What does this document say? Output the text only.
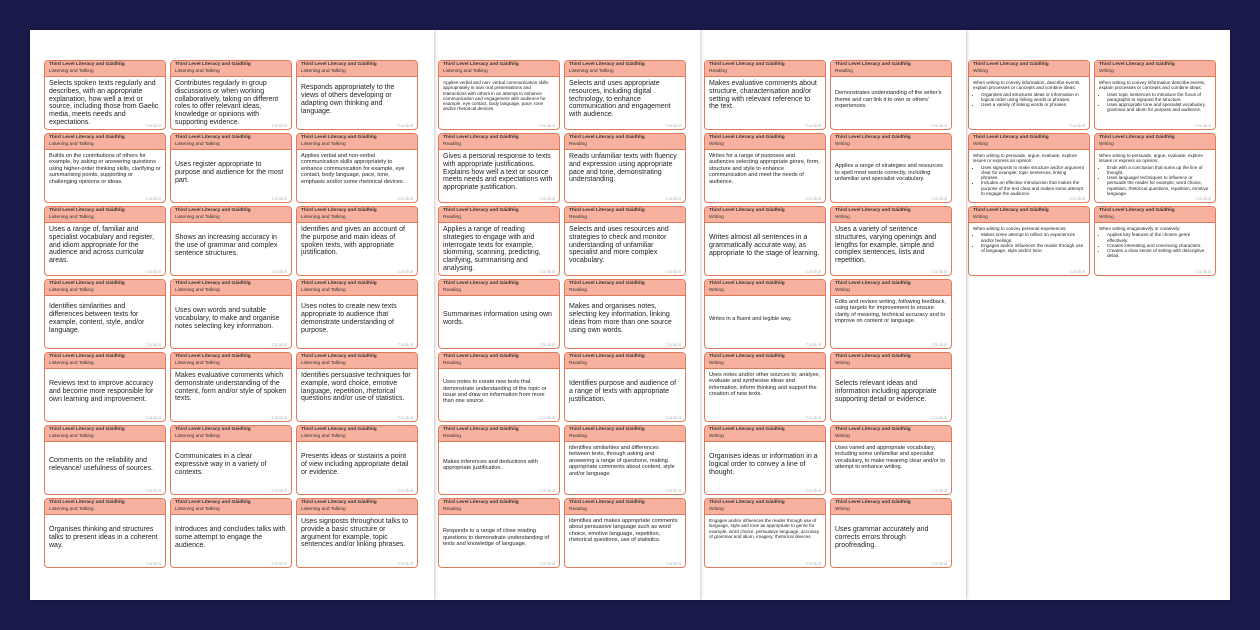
Third Level Literacy and Gàidhlig
Listening and Talking
Selects spoken texts regularly and describes, with an appropriate explanation, how well a text or source, including those from Gaelic media, meets needs and expectations.	Conduit
Third Level Literacy and Gàidhlig
Listening and Talking
Contributes regularly in group discussions or when working collaboratively, taking on different roles to offer relevant ideas, knowledge or opinions with supporting evidence.	Conduit
Third Level Literacy and Gàidhlig
Listening and Talking
Responds appropriately to the views of others developing or adapting own thinking and language.
Conduit
Third Level Literacy and Gàidhlig
Listening and Talking
Builds on the contributions of others for example, by asking or answering questions using higher-order thinking skills, clarifying or summarising points, supporting or challenging opinions or ideas.
Conduit
Third Level Literacy and Gàidhlig
Listening and Talking
Uses register appropriate to purpose and audience for the most part.
Conduit
Third Level Literacy and Gàidhlig
Listening and Talking
Applies verbal and non-verbal communication skills appropriately to enhance communication for example, eye contact, body language, pace, tone, emphasis and/or some rhetorical devices.
Conduit
Third Level Literacy and Gàidhlig
Listening and Talking
Uses a range of, familiar and specialist vocabulary and register, and idiom appropriate for the audience and across curricular areas.
Conduit
Third Level Literacy and Gàidhlig
Listening and Talking
Shows an increasing accuracy in the use of grammar and complex sentence structures.
Conduit
Third Level Literacy and Gàidhlig
Listening and Talking
Identifies and gives an account of the purpose and main ideas of spoken texts, with appropriate justification.
Conduit
Third Level Literacy and Gàidhlig
Listening and Talking
Identifies similarities and differences between texts for example, content, style, and/or language.
Conduit
Third Level Literacy and Gàidhlig
Listening and Talking
Uses own words and suitable vocabulary, to make and organise notes selecting key information.
Conduit
Third Level Literacy and Gàidhlig
Listening and Talking
Uses notes to create new texts appropriate to audience that demonstrate understanding of purpose.
Conduit
Third Level Literacy and Gàidhlig
Listening and Talking
Reviews text to improve accuracy and become more responsible for own learning and improvement.
Conduit
Third Level Literacy and Gàidhlig
Listening and Talking
Makes evaluative comments which demonstrate understanding of the content, form and/or style of spoken texts.
Conduit
Third Level Literacy and Gàidhlig
Listening and Talking
Identifies persuasive techniques for example, word choice, emotive language, repetition, rhetorical questions and/or use of statistics.
Conduit
Third Level Literacy and Gàidhlig
Listening and Talking
Comments on the reliability and relevance/ usefulness of sources.
Conduit
Third Level Literacy and Gàidhlig
Listening and Talking
Communicates in a clear expressive way in a variety of contexts.
Conduit
Third Level Literacy and Gàidhlig
Listening and Talking
Presents ideas or sustains a point of view including appropriate detail or evidence.
Conduit
Third Level Literacy and Gàidhlig
Listening and Talking
Organises thinking and structures talks to present ideas in a coherent way.
Conduit
Third Level Literacy and Gàidhlig
Listening and Talking
Introduces and concludes talks with some attempt to engage the audience.
Conduit
Third Level Literacy and Gàidhlig
Listening and Talking
Uses signposts throughout talks to provide a basic structure or argument for example, topic sentences and/or linking phrases.
Conduit
Third Level Literacy and Gàidhlig
Listening and Talking
Applies verbal and non- verbal communication skills appropriately in own oral presentations and interactions with others in an attempt to enhance communication and engagement with audience for example, eye contact, body language, pace, tone and/or rhetorical devices.
Conduit
Third Level Literacy and Gàidhlig
Listening and Talking
Selects and uses appropriate resources, including digital technology, to enhance communication and engagement with audience.
Conduit
Third Level Literacy and Gàidhlig
Reading
Gives a personal response to texts with appropriate justifications. Explains how well a text or source meets needs and expectations with appropriate justification.
Conduit
Third Level Literacy and Gàidhlig
Reading
Reads unfamiliar texts with fluency and expression using appropriate pace and tone, demonstrating understanding.
Conduit
Third Level Literacy and Gàidhlig
Reading
Applies a range of reading strategies to engage with and interrogate texts for example, skimming, scanning, predicting, clarifying, summarising and analysing.	Conduit
Third Level Literacy and Gàidhlig
Reading
Selects and uses resources and strategies to check and monitor understanding of unfamiliar specialist and more complex vocabulary.
Conduit
Third Level Literacy and Gàidhlig
Reading
Summarises information using own words.
Conduit
Third Level Literacy and Gàidhlig
Reading
Makes and organises notes, selecting key information, linking ideas from more than one source using own words.
Conduit
Third Level Literacy and Gàidhlig
Reading
Uses notes to create new texts that demonstrate understanding of the topic or issue and draw on information from more than one source.
Conduit
Third Level Literacy and Gàidhlig
Reading
Identifies purpose and audience of a range of texts with appropriate justification.
Conduit
Third Level Literacy and Gàidhlig
Reading
Makes inferences and deductions with appropriate justification.
Conduit
Third Level Literacy and Gàidhlig
Reading
Identifies similarities and differences between texts, through asking and answering a range of questions, making appropriate comments about content, style and/or language.
Conduit
Third Level Literacy and Gàidhlig
Reading
Responds to a range of close reading questions to demonstrate understanding of texts and knowledge of language.
Conduit
Third Level Literacy and Gàidhlig
Reading
Identifies and makes appropriate comments about persuasive language such as word choice, emotive language, repetition, rhetorical questions, use of statistics.
Conduit
Third Level Literacy and Gàidhlig
Reading
Makes evaluative comments about structure, characterisation and/or setting with relevant reference to the text.
Conduit
Third Level Literacy and Gàidhlig
Reading
Demonstrates understanding of the writer's theme and can link it to own or others' experiences.
Conduit
Third Level Literacy and Gàidhlig
Writing
Writes for a range of purposes and audiences selecting appropriate genre, form, structure and style to enhance communication and meet the needs of audience.
Conduit
Third Level Literacy and Gàidhlig
Writing
Applies a range of strategies and resources to spell most words correctly, including unfamiliar and specialist vocabulary.
Conduit
Third Level Literacy and Gàidhlig
Writing
Writes almost all sentences in a grammatically accurate way, as appropriate to the stage of learning.
Conduit
Third Level Literacy and Gàidhlig
Writing
Uses a variety of sentence structures, varying openings and lengths for example, simple and complex sentences, lists and repetition.
Conduit
Third Level Literacy and Gàidhlig
Writing
Writes in a fluent and legible way.
Conduit
Third Level Literacy and Gàidhlig
Writing
Edits and revises writing, following feedback, using targets for improvement to ensure clarity of meaning, technical accuracy and to improve on content or language.
Conduit
Third Level Literacy and Gàidhlig
Writing
Uses notes and/or other sources to; analyse, evaluate and synthesise ideas and information, inform thinking and support the creation of new texts.
Conduit
Third Level Literacy and Gàidhlig
Writing
Selects relevant ideas and information including appropriate supporting detail or evidence.
Conduit
Third Level Literacy and Gàidhlig
Writing
Organises ideas or information in a logical order to convey a line of thought.
Conduit
Third Level Literacy and Gàidhlig
Writing
Uses varied and appropriate vocabulary, including some unfamiliar and specialist vocabulary, to make meaning clear and/or to attempt to enhance writing.
Conduit
Third Level Literacy and Gàidhlig
Writing
Engages and/or influences the reader through use of language, style and tone as appropriate to genre for example, word choice, persuasive language, accuracy of grammar and idiom, imagery, rhetorical devices.
Conduit
Third Level Literacy and Gàidhlig
Writing
Uses grammar accurately and corrects errors through proofreading.
Conduit
Third Level Literacy and Gàidhlig
Writing
When writing to convey information, describe events, explain processes or concepts and combine ideas:
• Organises and structures ideas or information in logical order using linking words or phrases.
• Uses a variety of linking words or phrases.
Conduit
Third Level Literacy and Gàidhlig
Writing
When writing to convey information describe events, explain processes or concepts and combine ideas:
• Uses topic sentences to introduce the focus of paragraphs to signpost the structure.
• Uses appropriate tone and specialist vocabulary, grammar and idiom for purpose and audience.
Conduit
Third Level Literacy and Gàidhlig
Writing
When writing to persuade, argue, evaluate, explore issues or express an opinion:
• Uses signposts to make structure and/or argument clear for example: topic sentences, linking phrases.
• Includes an effective introduction that makes the purpose of the text clear and makes some attempt to engage the audience.
Conduit
Third Level Literacy and Gàidhlig
Writing
When writing to persuade, argue, evaluate, explore issues or express an opinion:
• Ends with a conclusion that sums up the line of thought.
• Uses language/ techniques to influence or persuade the reader for example, word choice, repetition, rhetorical questions, repetition, emotive language.
Conduit
Third Level Literacy and Gàidhlig
Writing
When writing to convey personal experiences:
• Makes some attempt to reflect on experiences and/or feelings.
• Engages and/or influences the reader through use of language, style and/or tone.
Conduit
Third Level Literacy and Gàidhlig
Writing
When writing imaginatively or creatively:
• Applies key features of the chosen genre effectively.
• Creates interesting and convincing characters.
• Creates a clear sense of setting with descriptive detail.
Conduit
